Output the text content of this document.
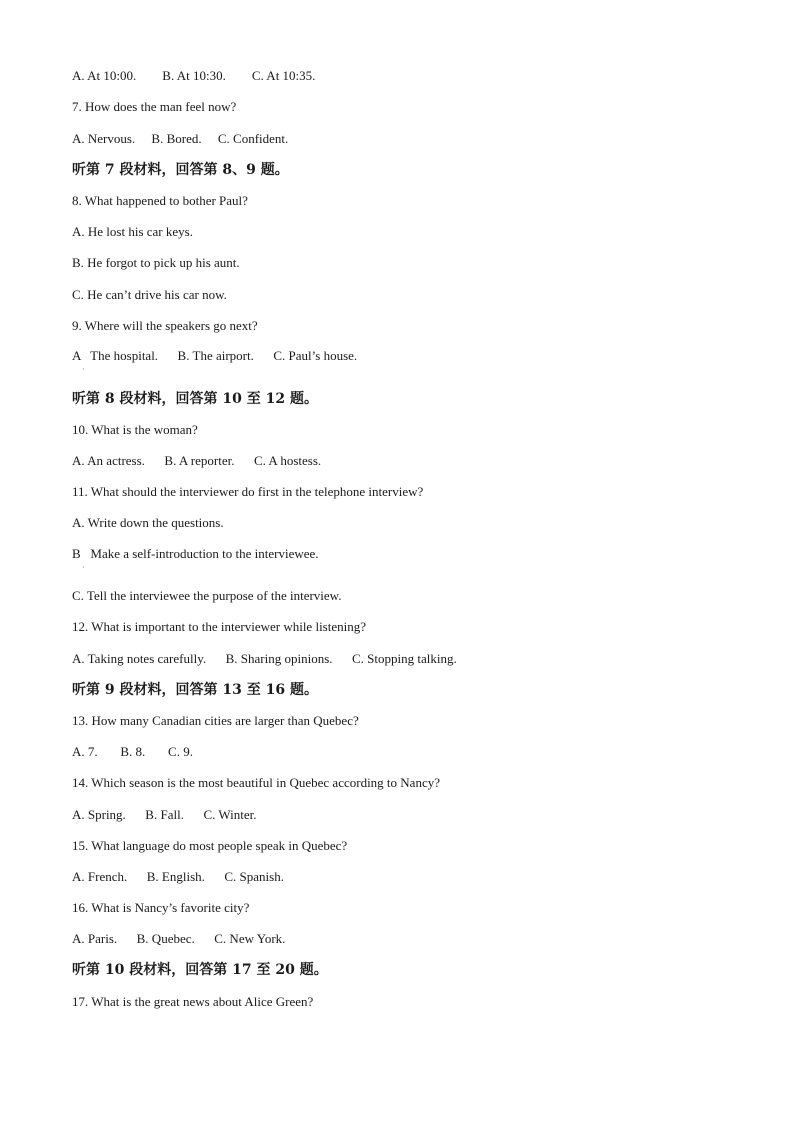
A. At 10:00.        B. At 10:30.        C. At 10:35.
7. How does the man feel now?
A. Nervous.     B. Bored.     C. Confident.
听第 7 段材料，回答第 8、9 题。
8. What happened to bother Paul?
A. He lost his car keys.
B. He forgot to pick up his aunt.
C. He can’t drive his car now.
9. Where will the speakers go next?
A   The hospital.      B. The airport.      C. Paul’s house.
·
听第 8 段材料，回答第 10 至 12 题。
10. What is the woman?
A. An actress.      B. A reporter.      C. A hostess.
11. What should the interviewer do first in the telephone interview?
A. Write down the questions.
B   Make a self-introduction to the interviewee.
·
C. Tell the interviewee the purpose of the interview.
12. What is important to the interviewer while listening?
A. Taking notes carefully.      B. Sharing opinions.      C. Stopping talking.
听第 9 段材料，回答第 13 至 16 题。
13. How many Canadian cities are larger than Quebec?
A. 7.       B. 8.       C. 9.
14. Which season is the most beautiful in Quebec according to Nancy?
A. Spring.      B. Fall.      C. Winter.
15. What language do most people speak in Quebec?
A. French.      B. English.      C. Spanish.
16. What is Nancy’s favorite city?
A. Paris.      B. Quebec.      C. New York.
听第 10 段材料，回答第 17 至 20 题。
17. What is the great news about Alice Green?
